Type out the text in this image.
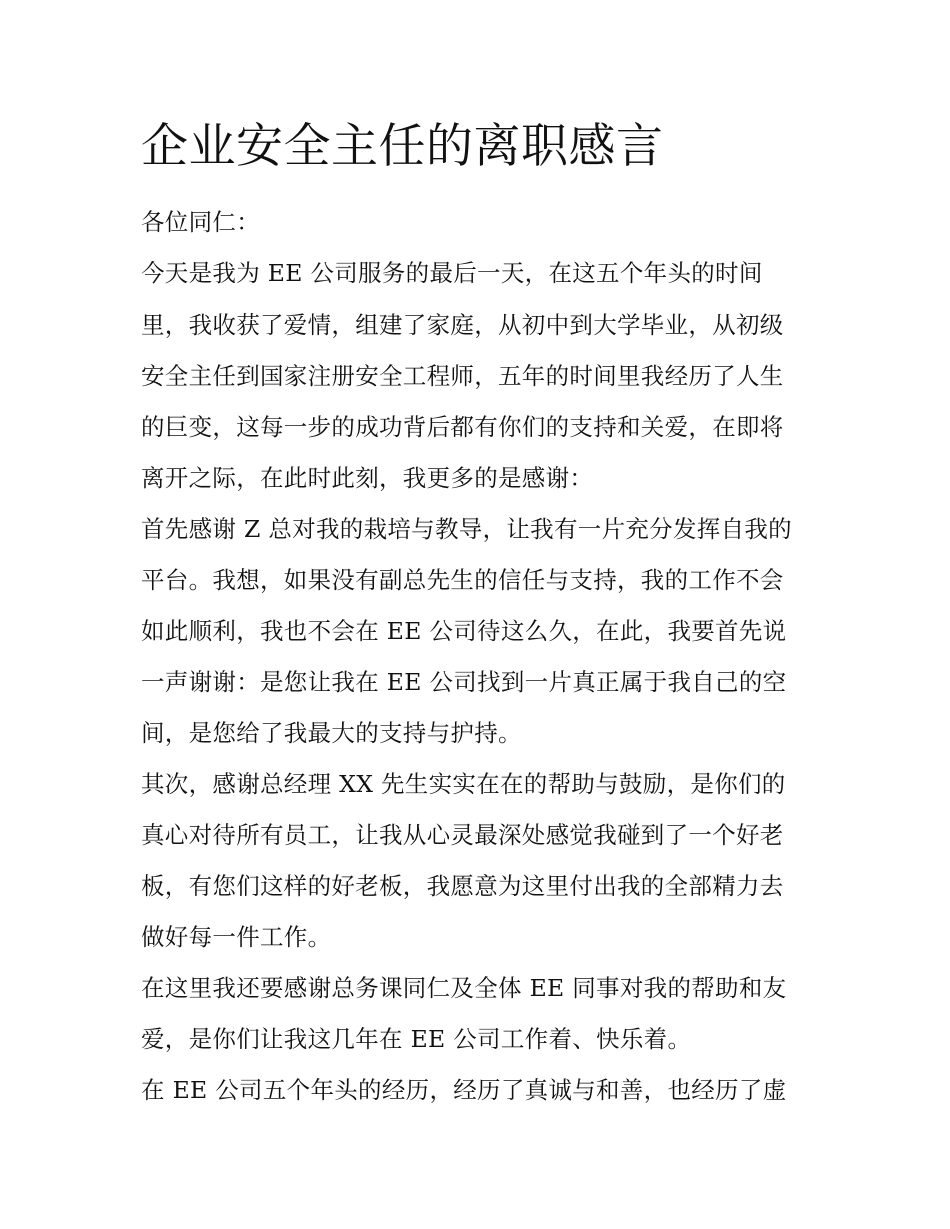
企业安全主任的离职感言

各位同仁：

今天是我为 EE 公司服务的最后一天，在这五个年头的时间

里，我收获了爱情，组建了家庭，从初中到大学毕业，从初级

安全主任到国家注册安全工程师，五年的时间里我经历了人生

的巨变，这每一步的成功背后都有你们的支持和关爱，在即将

离开之际，在此时此刻，我更多的是感谢：

首先感谢 Z 总对我的栽培与教导，让我有一片充分发挥自我的

平台。我想，如果没有副总先生的信任与支持，我的工作不会

如此顺利，我也不会在 EE 公司待这么久，在此，我要首先说

一声谢谢：是您让我在 EE 公司找到一片真正属于我自己的空

间，是您给了我最大的支持与护持。

其次，感谢总经理 XX 先生实实在在的帮助与鼓励，是你们的

真心对待所有员工，让我从心灵最深处感觉我碰到了一个好老

板，有您们这样的好老板，我愿意为这里付出我的全部精力去

做好每一件工作。

在这里我还要感谢总务课同仁及全体 EE 同事对我的帮助和友

爱，是你们让我这几年在 EE 公司工作着、快乐着。

在 EE 公司五个年头的经历，经历了真诚与和善，也经历了虚
